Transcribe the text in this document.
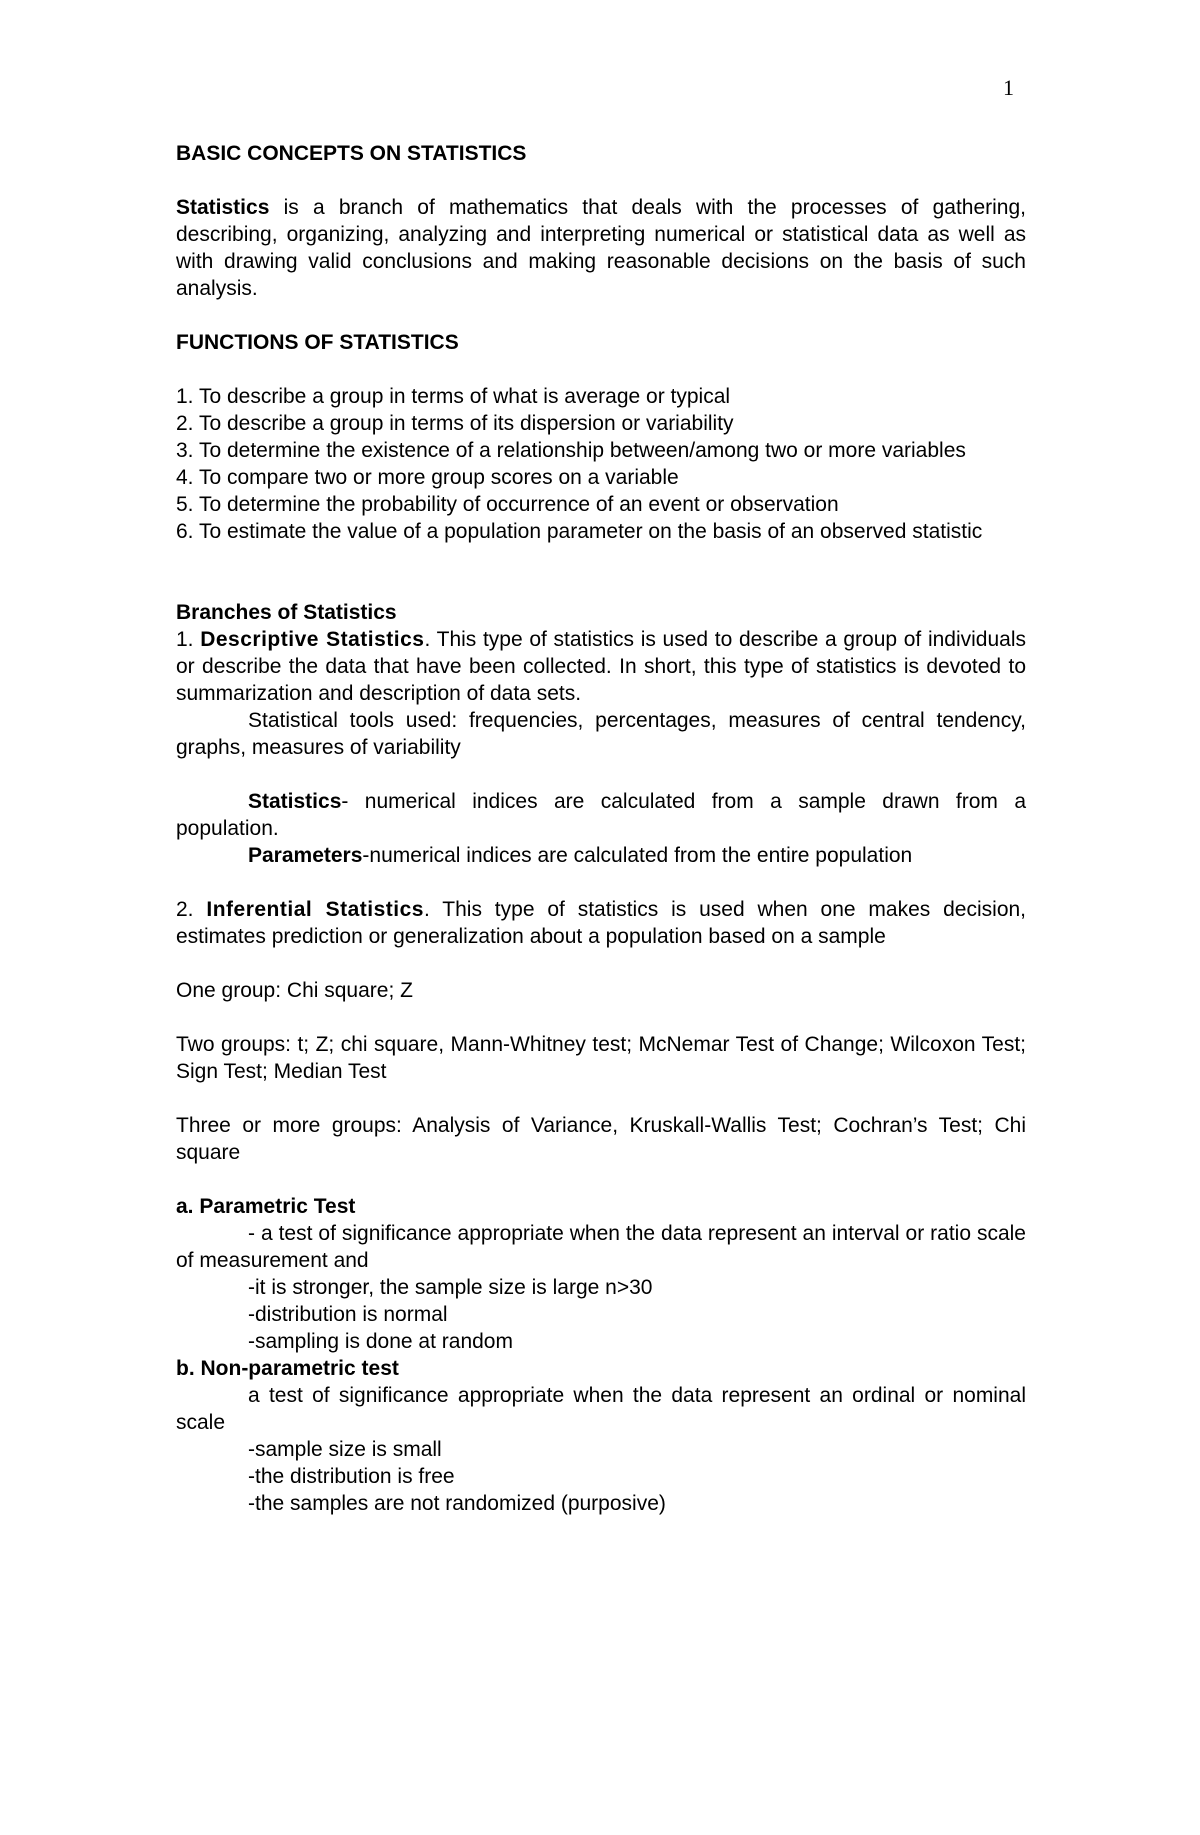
1

BASIC CONCEPTS ON STATISTICS

Statistics is a branch of mathematics that deals with the processes of gathering, describing, organizing, analyzing and interpreting numerical or statistical data as well as with drawing valid conclusions and making reasonable decisions on the basis of such analysis.

FUNCTIONS OF STATISTICS

1. To describe a group in terms of what is average or typical

2. To describe a group in terms of its dispersion or variability

3. To determine the existence of a relationship between/among two or more variables

4. To compare two or more group scores on a variable

5. To determine the probability of occurrence of an event or observation

6. To estimate the value of a population parameter on the basis of an observed statistic

Branches of Statistics

1. Descriptive Statistics. This type of statistics is used to describe a group of individuals or describe the data that have been collected. In short, this type of statistics is devoted to summarization and description of data sets.

Statistical tools used: frequencies, percentages, measures of central tendency, graphs, measures of variability

Statistics- numerical indices are calculated from a sample drawn from a population.

Parameters-numerical indices are calculated from the entire population

2. Inferential Statistics. This type of statistics is used when one makes decision, estimates prediction or generalization about a population based on a sample

One group: Chi square; Z

Two groups: t; Z; chi square, Mann-Whitney test; McNemar Test of Change; Wilcoxon Test; Sign Test; Median Test

Three or more groups: Analysis of Variance, Kruskall-Wallis Test; Cochran’s Test; Chi square

a. Parametric Test

- a test of significance appropriate when the data represent an interval or ratio scale of measurement and

-it is stronger, the sample size is large n>30

-distribution is normal

-sampling is done at random

b. Non-parametric test

a test of significance appropriate when the data represent an ordinal or nominal scale

-sample size is small

-the distribution is free

-the samples are not randomized (purposive)
